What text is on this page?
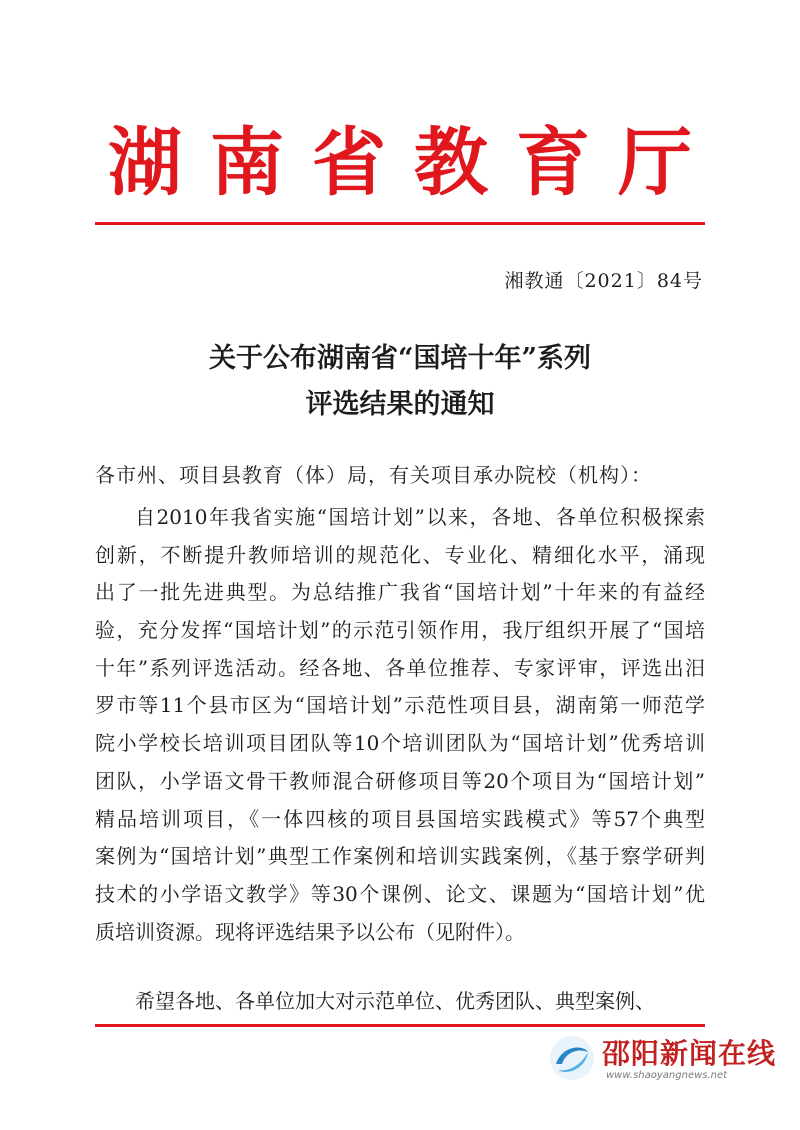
湖南省教育厅
湘教通〔2021〕84号
关于公布湖南省“国培十年”系列
评选结果的通知
各市州、项目县教育（体）局，有关项目承办院校（机构）：
自2010年我省实施“国培计划”以来，各地、各单位积极探索
创新，不断提升教师培训的规范化、专业化、精细化水平，涌现
出了一批先进典型。为总结推广我省“国培计划”十年来的有益经
验，充分发挥“国培计划”的示范引领作用，我厅组织开展了“国培
十年”系列评选活动。经各地、各单位推荐、专家评审，评选出汨
罗市等11个县市区为“国培计划”示范性项目县，湖南第一师范学
院小学校长培训项目团队等10个培训团队为“国培计划”优秀培训
团队，小学语文骨干教师混合研修项目等20个项目为“国培计划”
精品培训项目，《一体四核的项目县国培实践模式》等57个典型
案例为“国培计划”典型工作案例和培训实践案例，《基于察学研判
技术的小学语文教学》等30个课例、论文、课题为“国培计划”优
质培训资源。现将评选结果予以公布（见附件）。
希望各地、各单位加大对示范单位、优秀团队、典型案例、
邵阳新闻在线
www.shaoyangnews.net
